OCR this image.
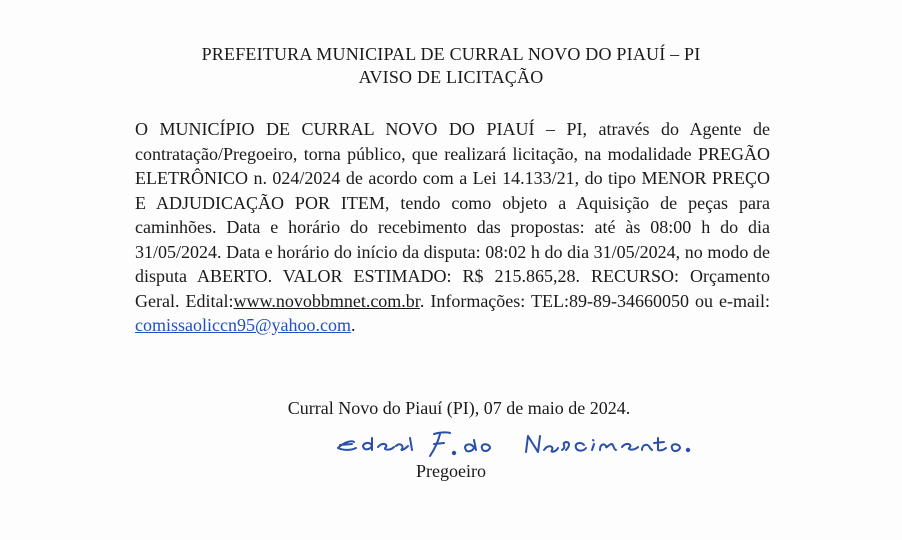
PREFEITURA MUNICIPAL DE CURRAL NOVO DO PIAUÍ – PI
AVISO DE LICITAÇÃO
O MUNICÍPIO DE CURRAL NOVO DO PIAUÍ – PI, através do Agente de contratação/Pregoeiro, torna público, que realizará licitação, na modalidade PREGÃO ELETRÔNICO n. 024/2024 de acordo com a Lei 14.133/21, do tipo MENOR PREÇO E ADJUDICAÇÃO POR ITEM, tendo como objeto a Aquisição de peças para caminhões. Data e horário do recebimento das propostas: até às 08:00 h do dia 31/05/2024. Data e horário do início da disputa: 08:02 h do dia 31/05/2024, no modo de disputa ABERTO. VALOR ESTIMADO: R$ 215.865,28. RECURSO: Orçamento Geral. Edital:www.novobbmnet.com.br. Informações: TEL:89-89-34660050 ou e-mail: comissaoliccn95@yahoo.com.
Curral Novo do Piauí (PI), 07 de maio de 2024.
Pregoeiro
